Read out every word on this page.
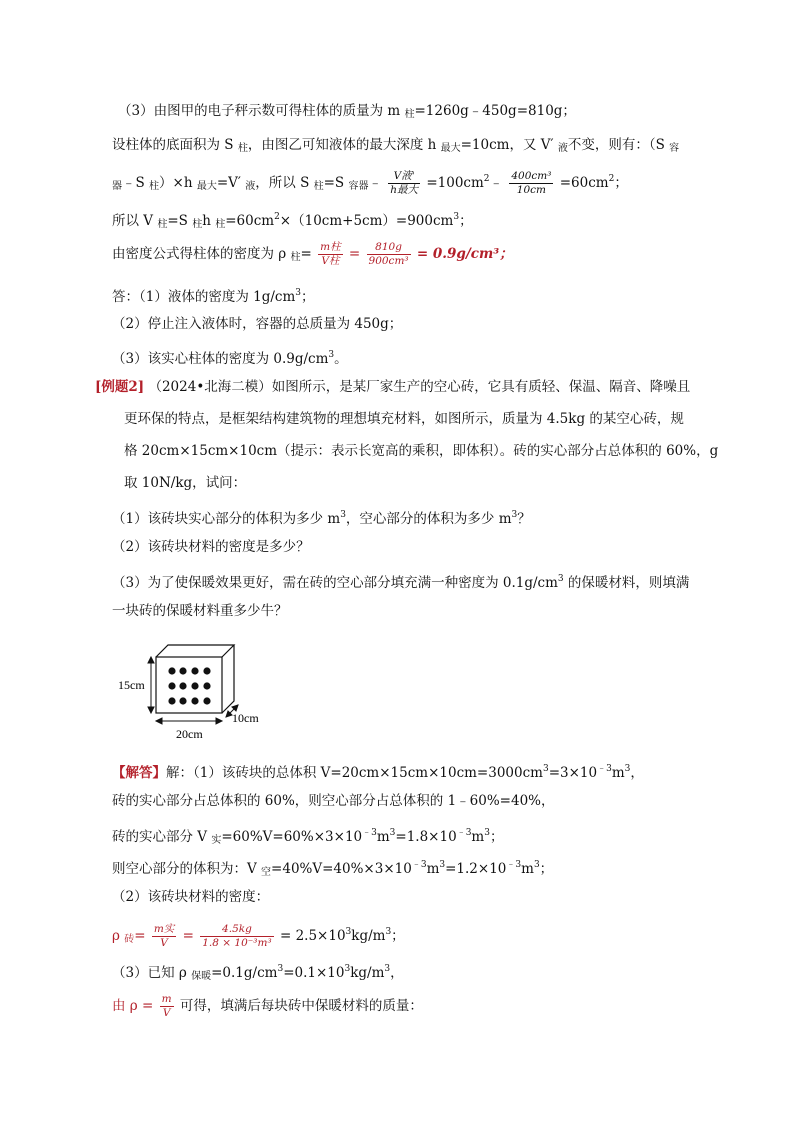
（3）由图甲的电子秤示数可得柱体的质量为 m $_柱$=1260g﹣450g=810g；
设柱体的底面积为 S $_柱$，由图乙可知液体的最大深度 h $_{最大}$=10cm，又 V′ $_液$不变，则有：（S $_容$
$_器$﹣S $_柱$）×h $_{最大}$=V′ $_液$，所以 S $_柱$=S $_{容器}$﹣ $\frac{\text{V液'}}{\text{h最大}}$ $=100cm^2﹣ \frac{\text{400cm³}}{10cm} =60cm^2$；
所以 V $_柱$=S $_柱$h $_柱=60cm^2\times(10cm+5cm)=900cm^3$；
由密度公式得柱体的密度为 ρ $_柱= \frac{\text{m柱}}{\text{V柱}} = \frac{810g}{\text{900cm³}} = 0.9g/cm^3$；
答：（1）液体的密度为 $1g/cm^3$；
（2）停止注入液体时，容器的总质量为 450g；
（3）该实心柱体的密度为 $0.9g/cm^3$。
[例题2] （2024•北海二模）如图所示，是某厂家生产的空心砖，它具有质轻、保温、隔音、降噪且
更环保的特点，是框架结构建筑物的理想填充材料，如图所示，质量为 4.5kg 的某空心砖，规
格 20cm×15cm×10cm（提示：表示长宽高的乘积，即体积）。砖的实心部分占总体积的 60%，g
取 10N/kg，试问：
（1）该砖块实心部分的体积为多少 $m^3$，空心部分的体积为多少 $m^3$？
（2）该砖块材料的密度是多少？
（3）为了使保暖效果更好，需在砖的空心部分填充满一种密度为 $0.1g/cm^3$ 的保暖材料，则填满
一块砖的保暖材料重多少牛？
15cm
20cm
10cm
【解答】解：（1）该砖块的总体积 $V=20cm\times 15cm\times 10cm=3000cm^3=3\times 10^{﹣3}m^3$，
砖的实心部分占总体积的 60%，则空心部分占总体积的 1﹣60%=40%，
砖的实心部分 V $_实=60\%V=60\%\times 3\times 10^{﹣3}m^3=1.8\times 10^{﹣3}m^3$；
则空心部分的体积为：V $_空=40\%V=40\%\times 3\times 10^{﹣3}m^3=1.2\times 10^{﹣3}m^3$；
（2）该砖块材料的密度：
ρ $_砖= \frac{\text{m实}}{V} = \frac{4.5kg}{\text{1.8 × 10⁻³m³}} = 2.5\times 10^3kg/m^3$；
（3）已知 ρ $_{保暖}=0.1g/cm^3=0.1\times 10^3kg/m^3$，
由 $\rho = \frac{m}{V}$ 可得，填满后每块砖中保暖材料的质量：
